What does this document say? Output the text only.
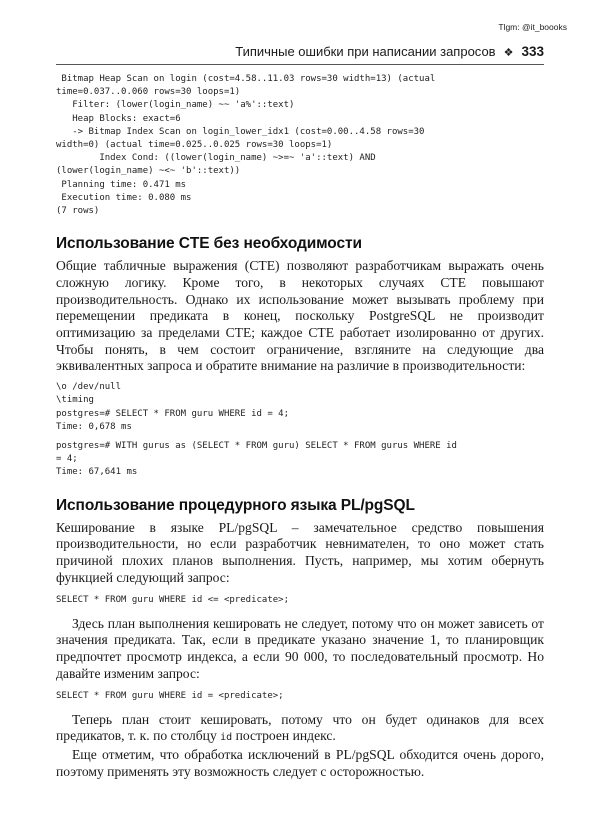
Tlgm: @it_boooks
Типичные ошибки при написании запросов ❖ 333
Bitmap Heap Scan on login (cost=4.58..11.03 rows=30 width=13) (actual
time=0.037..0.060 rows=30 loops=1)
Filter: (lower(login_name) ~~ 'a%'::text)
Heap Blocks: exact=6
-> Bitmap Index Scan on login_lower_idx1 (cost=0.00..4.58 rows=30
width=0) (actual time=0.025..0.025 rows=30 loops=1)
Index Cond: ((lower(login_name) ~>=~ 'a'::text) AND
(lower(login_name) ~<~ 'b'::text))
Planning time: 0.471 ms
Execution time: 0.080 ms
(7 rows)
Использование CTE без необходимости

Общие табличные выражения (CTE) позволяют разработчикам выражать очень сложную логику. Кроме того, в некоторых случаях CTE повышают производительность. Однако их использование может вызывать проблему при перемещении предиката в конец, поскольку PostgreSQL не производит оптимизацию за пределами CTE; каждое CTE работает изолированно от других. Чтобы понять, в чем состоит ограничение, взгляните на следующие два эквивалентных запроса и обратите внимание на различие в производительности:

\o /dev/null
\timing
postgres=# SELECT * FROM guru WHERE id = 4;
Time: 0,678 ms
postgres=# WITH gurus as (SELECT * FROM guru) SELECT * FROM gurus WHERE id
= 4;
Time: 67,641 ms
Использование процедурного языка PL/pgSQL

Кеширование в языке PL/pgSQL – замечательное средство повышения производительности, но если разработчик невнимателен, то оно может стать причиной плохих планов выполнения. Пусть, например, мы хотим обернуть функцией следующий запрос:

SELECT * FROM guru WHERE id <= <predicate>;

Здесь план выполнения кешировать не следует, потому что он может зависеть от значения предиката. Так, если в предикате указано значение 1, то планировщик предпочтет просмотр индекса, а если 90 000, то последовательный просмотр. Но давайте изменим запрос:

SELECT * FROM guru WHERE id = <predicate>;

Теперь план стоит кешировать, потому что он будет одинаков для всех предикатов, т. к. по столбцу id построен индекс.

Еще отметим, что обработка исключений в PL/pgSQL обходится очень дорого, поэтому применять эту возможность следует с осторожностью.
